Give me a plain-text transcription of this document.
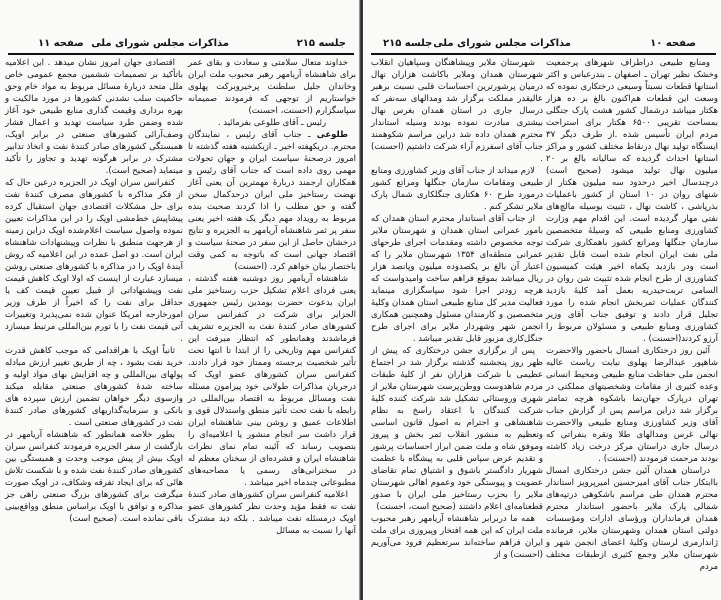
جلسه ۲۱۵
مذاکرات مجلس شورای ملی
صفحه ۱۱

اقتصادی جهان امروز نشان میدهد . این اعلامیه باتأکید بر تصمیمات ششمین مجمع عمومی خاص ملل متحد دربارهٔ مسائل مربوط به مواد خام وحق حاکمیت سلب نشدنی کشورها در مورد مالکیت و بهره برداری وقیمت گذاری منابع طبیعی خود آغاز شده وضمن طرد سیاست تهدید و اعمال فشار وصف‌آرائی کشورهای صنعتی در برابر اوپک، همبستگی کشورهای صادر کنندهٔ نفت و اتخاذ تدابیر مشترک در برابر هرگونه تهدید و تجاوز را تأکید مینماید (صحیح است).

کنفرانس سران اوپک در الجزیره درعین حال که از فکر مذاکره با کشورهای مصرف کنندهٔ نفت برای حل مشکلات اقتصادی جهان استقبال کرده پیشاپیش خط‌مشی اوپک را در این مذاکرات تعیین نموده واصول سیاست اعلام‌شده اوپک دراین زمینه از هرجهت منطبق با نظرات وپیشنهادات شاهنشاه ایران است. دو اصل عمده در این اعلامیه که روش آیندهٔ اوپک را در مذاکره با کشورهای صنعتی روشن میسازد عبارت از اینست که اولا اوپک کاهش قیمت نفت وپیشنهاداتی از قبیل تعیین قیمت کف یا حداقل برای نفت را که اخیراً از طرف وزیر امورخارجه امریکا عنوان شده نمی‌پذیرد وتغییرات آتی قیمت نفت را با تورم بین‌المللی مرتبط میسازد .

ثانیاً اوپک با هراقدامی که موجب کاهش قدرت خرید نفت بشود ، چه از طریق تغییر ارزش مبادله پولهای بین‌المللی و چه افزایش بهای مواد اولیه و ساخته شدهٔ کشورهای صنعتی مقابله میکند وازسوی دیگر خواهان تضمین ارزش سپرده های بانکی و سرمایه‌گذاریهای کشورهای صادر کنندهٔ نفت در کشورهای صنعتی است .

بطور خلاصه همانطور که شاهنشاه آریامهر در بازگشت از سفر الجزیره فرمودند کنفرانس سران اوپک بیش از پیش موجب وحدت و همبستگی بین کشورهای صادر کنندهٔ نفت شده و با شکست تلاش هائی که برای ایجاد تفرقه وشکاف، در اوپک صورت میگرفت برای کشورهای بزرگ صنعتی راهی جز مذاکره و توافق با اوپک براساس منطق وواقع‌بینی باقی نمانده است. (صحیح است)

خداوند متعال سلامتی و سعادت و بقای عمر برای شاهنشاه آریامهر رهبر محبوب ملت ایران وخاندان جلیل سلطنت پرخیروبرکت پهلوی خواستاریم از توجهی که فرمودند صمیمانه سپاسگزارم (احسنت، احسنت)

رئیس ـ آقای طلوعی بفرمائید .

طلوعی ـ جناب آقای رئیس ، نمایندگان محترم. دریکهفته اخیر ـ ازیکشنبه هفته گذشته تا امروز درصحنهٔ سیاست ایران و جهان تحولات مهمی روی داده است که جناب آقای رئیس و همکاران ارجمند دربارهٔ مهمترین آن یعنی آغاز نهضت رستاخیز ملی ایران درحدکمال سخن گفته و حق مطلب را ادا کردند صحبت بنده مربوط به رویداد مهم دیگر یک هفته اخیر یعنی سفر پر ثمر شاهنشاه آریامهر به الجزیره و نتایج درخشان حاصل از این سفر در صحنهٔ سیاست و اقتصاد جهانی است که باتوجه به کمی وقت باختصار بیان خواهم کرد. (احسنت)

شاهنشاه آریامهر روز دوشنبه هفته گذشته ، یعنی فردای اعلام تشکیل حزب رستاخیز ملی ایران بدعوت حضرت بومدین رئیس جمهوری الجزایر برای شرکت در کنفرانس سران کشورهای صادر کنندهٔ نفت به الجزیره تشریف فرماشدند وهمانطور که انتظار میرفت این کنفرانس مهم وتاریخی را از ابتدا تا انتها تحت تأثیر شخصیت برجسته وممتاز خود قرار دادند. کنفرانس سران کشورهای عضو اوپک که درجریان مذاکرات طولانی خود پیرامون مسئله نفت ومسائل مربوط به اقتصاد بین‌المللی در رابطه با نفت تحت تأثیر منطق واستدلال قوی و اطلاعات عمیق و روشن بینی شاهنشاه ایران قرار داشت سر انجام منشور یا اعلامیه‌ای را بتصویب رساند که آئینه تمام نمای نظرات شاهنشاه ایران و فشرده‌ای از سخنان معظم له در سخنرانی‌های رسمی یا مصاحبه‌های مطبوعاتی چندماه اخیر میباشد .

اعلامیه کنفرانس سران کشورهای صادر کنندهٔ نفت نه فقط مؤید وحدت نظر کشورهای عضو اوپک درمسئله نفت میباشد . بلکه دید مشترک آنها را نسبت به مسائل

صفحه ۱۰
مذاکرات مجلس شورای ملی
جلسه ۲۱۵

شهرستان ملایر وپیشاهنگان وسپاهیان انقلاب شهرستان همدان وملایر باکاشت هزاران نهال درمیان پرشورترین احساسات قلبی نسبت برهبر عالیقدر مملکت برگزار شد ومدالهای سه‌نفر که درسال جاری در استان همدان بغرس نهال بیشتری مبادرت نموده بودند وسیله استاندار محترم همدان داده شد دراین مراسم شکوهمند جناب آقای اسفرزم آراء شرکت داشتیم (احسنت) .

لازم میداند از جناب آقای وزیر کشاورزی ومنابع طبیعی ومقامات سازمان جنگلها ومراتع کشور درمورد طرح ۶۰ هکتاری جنگلکاری شمال پارک ملایر تشکر کنم .

از جناب آقای استاندار محترم استان همدان که بامور عمرانی استان همدان و شهرستان ملایر توجه مخصوص داشته ومقدمات اجرای طرحهای عمرانی منطقه‌ای ۱۳۵۴ شهرستان ملایر را که اعتبار آن بالغ بر یکصدوده میلیون وپانصد هزار ریال میباشد بموقع فراهم ساخت وامیدواست که هرچه زودتر اجرا شود سپاسگزاری مینماید فعالیت مدیر کل منابع طبیعی استان همدان وکلیهٔ متخصصین و کارمندان مسئول وهمچنین همکاری انجمن شهر وشهردار ملایر برای اجرای طرح جنگل‌کاری مزبور قابل تقدیر میباشد .

پس از برگزاری جشن درختکاری که پیش از ظهر روز پنجشنبه گذشته برگزار شد در اجتماع عظیمی با شرکت هزاران نفر از کلیهٔ طبقات مردم شاهدوست ووطن‌پرست شهرستان ملایر از شهری وروستائی تشکیل شد شرکت کننده کلیهٔ شرکت کنندگان با اعتقاد راسخ به نظام شاهنشاهی و احترام به اصول قانون اساسی وتعظیم به منشور انقلاب ثمر بخش و پیروز وموفق شاه و ملت ضمن ابراز احساسات پرشور و تقدیم عرض سپاس قلبی به پیشگاه با عظمت شهریار دادگستر باشوق و اشتیاق تمام تقاضای عضویت و پیوستگی خود وعموم اهالی شهرستان ملایر را بحزب رستاخیز ملی ایران با صدور قطعنامه‌ای اعلام داشتند (صحیح است، احسنت)

همه ما دربرابر شاهنشاه آریامهر رهبر محبوب ملت ایران که این همه افتخار وپیروزی برای ملت ایران فراهم ساخته‌اند سرتعظیم فرود می‌آوریم (احسنت) و از

ومنابع طبیعی دراطراف شهرهای پرجمعیت وخشک نظیر تهران ـ اصفهان ـ بندرعباس و اکثر استانها قطعات نسبتاً وسیعی درختکاری نموده که وسعت این قطعات هم‌اکنون بالغ بر ده هزار هکتار میباشد درشمال کشور هشت پارک جنگلی بمساحت تقریبی ۶۵۰۰ هکتار برای استراحت مردم ایران تأسیس شده .از طرف دیگر ۳۷ ایستگاه تولید نهال درنقاط مختلف کشور و مراکز استانها احداث گردیده که سالیانه بالغ بر ۲۰ میلیون نهال تولید میشود (صحیح است) درچندسال اخیر درحدود سه میلیون هکتار از شنهای روان در ۱۰ استان از کشور باعملیات بذرپاشی ، کاشت نهال ، تثبیت بوسیله مالچ‌های نفتی مهار گردیده است. این اقدام مهم وزارت کشاورزی ومنابع طبیعی که وسیلهٔ متخصصین سازمان جنگلها ومراتع کشور باهمکاری شرکت ملی نفت ایران انجام شده است قابل تقدیر است ودر بازدید یکماه اخیر هیئت کمیسیون کشاورزی از طرح انجام شده تثبیت شن روان در السامی تربت‌حیدریه بعمل آمد کلیهٔ بازدید کنندگان عملیات ثمربخش انجام شده را مورد تجلیل قرار دادند و توفیق جناب آقای وزیر کشاورزی ومنابع طبیعی و مسئولان مربوط را آرزو کردند(احسنت) .

آئین روز درختکاری امسال باحضور والاحضرت شاهپور عبدالرضا پهلوی نیابت ریاست عالیه انجمن ملی حفاظت منابع طبیعی ومحیط انسانی وعده کثیری از مقامات وشخصیتهای مملکتی در تهران درپارک جهان‌نما باشکوه هرچه تمامتر برگزار شد دراین مراسم پس از گزارش جناب آقای وزیر کشاورزی ومنابع طبیعی والاحضرت نهالی غرس ومدالهای طلا ونقره بنفراتی که درسال جاری دراستان مرکز درخت زیاد کاشته بودند مرحمت فرمودند (احسنت) .

دراستان همدان آئین جشن درختکاری امسال باابتکار جناب آقای امیرحسین امیرپرویز استاندار محترم همدان طی مراسم باشکوهی درتپه‌های شمالی پارک ملایر باحضور استاندار محترم همدان فرمانداران ورؤسای ادارات ومؤسسات دولتی استان همدان وشهرستان ملایر، فرمانده ژاندارمری لرستان وکلیهٔ اعضای انجمن شهر و شهرستان ملایر وجمع کثیری ازطبقات مختلف مردم
